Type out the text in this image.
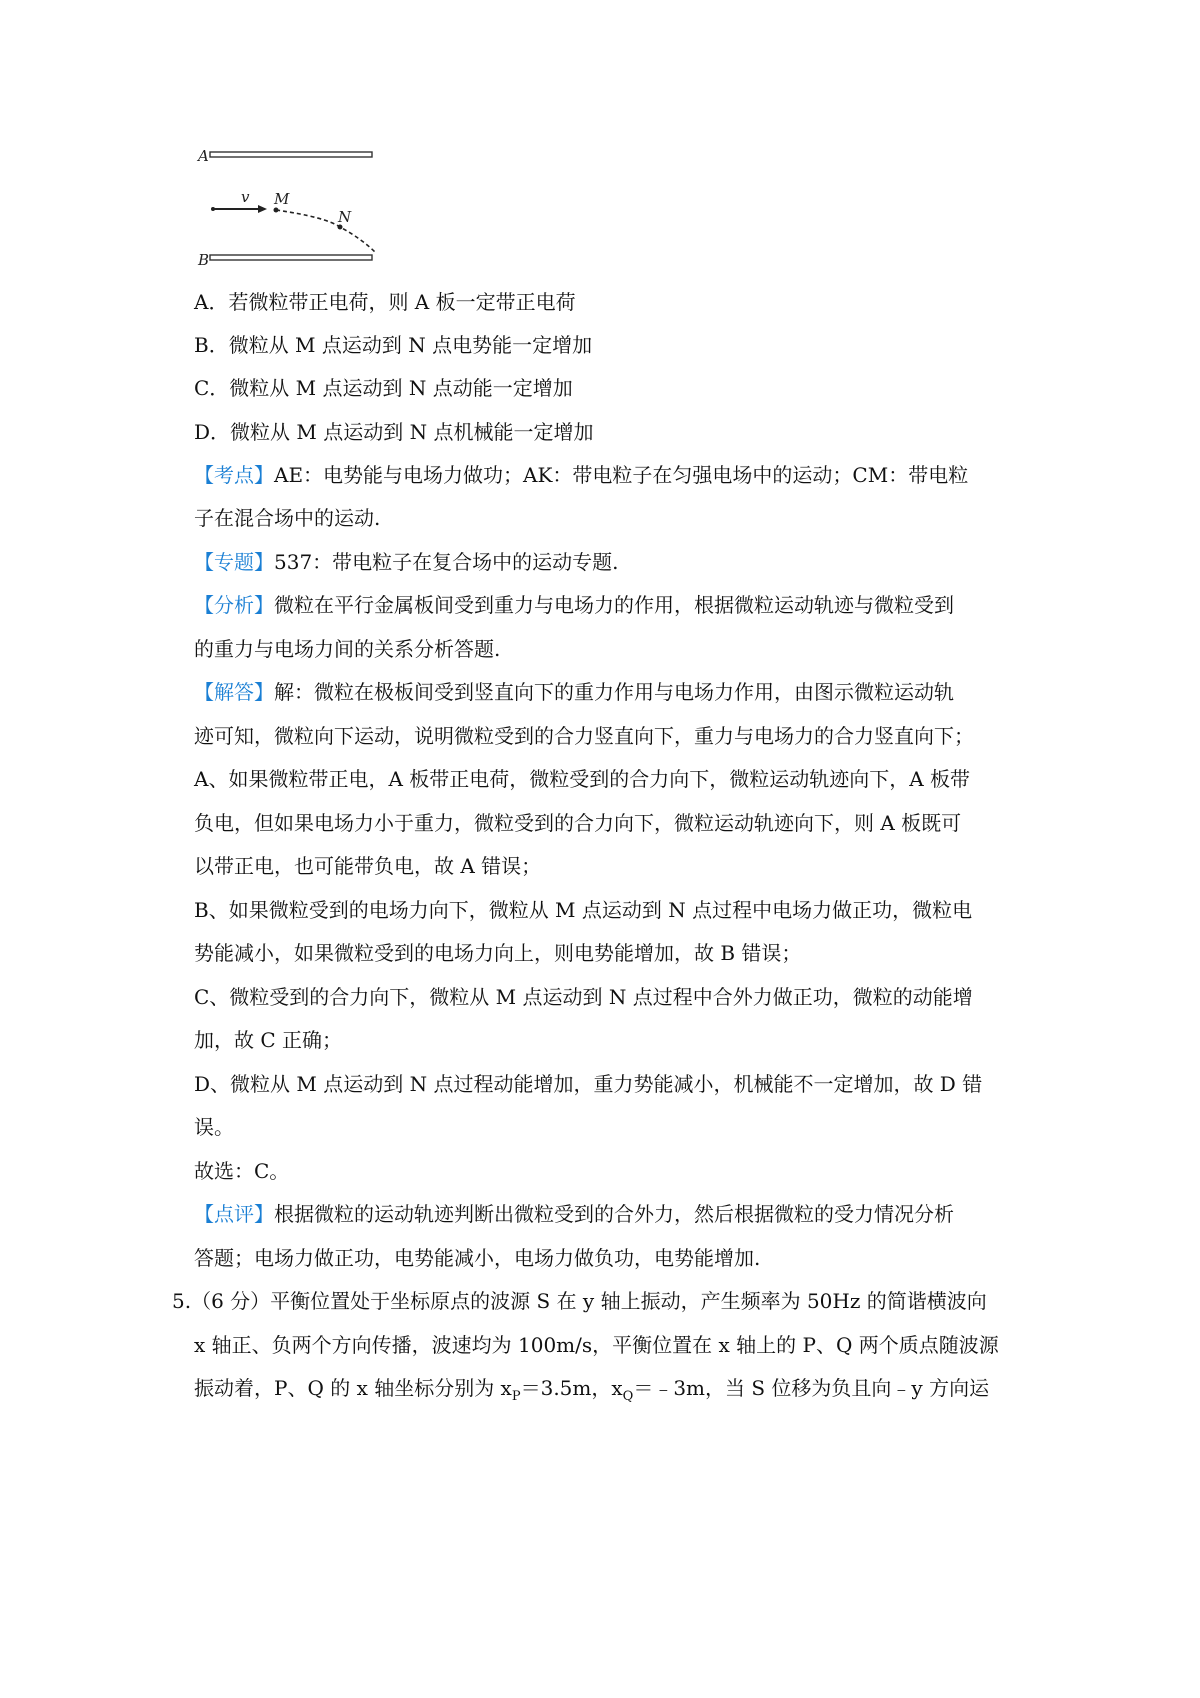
A
B
v M
N
A．若微粒带正电荷，则 A 板一定带正电荷
B．微粒从 M 点运动到 N 点电势能一定增加
C．微粒从 M 点运动到 N 点动能一定增加
D．微粒从 M 点运动到 N 点机械能一定增加
【考点】AE：电势能与电场力做功；AK：带电粒子在匀强电场中的运动；CM：带电粒
子在混合场中的运动.
【专题】537：带电粒子在复合场中的运动专题.
【分析】微粒在平行金属板间受到重力与电场力的作用，根据微粒运动轨迹与微粒受到
的重力与电场力间的关系分析答题.
【解答】解：微粒在极板间受到竖直向下的重力作用与电场力作用，由图示微粒运动轨
迹可知，微粒向下运动，说明微粒受到的合力竖直向下，重力与电场力的合力竖直向下；
A、如果微粒带正电，A 板带正电荷，微粒受到的合力向下，微粒运动轨迹向下，A 板带
负电，但如果电场力小于重力，微粒受到的合力向下，微粒运动轨迹向下，则 A 板既可
以带正电，也可能带负电，故 A 错误；
B、如果微粒受到的电场力向下，微粒从 M 点运动到 N 点过程中电场力做正功，微粒电
势能减小，如果微粒受到的电场力向上，则电势能增加，故 B 错误；
C、微粒受到的合力向下，微粒从 M 点运动到 N 点过程中合外力做正功，微粒的动能增
加，故 C 正确；
D、微粒从 M 点运动到 N 点过程动能增加，重力势能减小，机械能不一定增加，故 D 错
误。
故选：C。
【点评】根据微粒的运动轨迹判断出微粒受到的合外力，然后根据微粒的受力情况分析
答题；电场力做正功，电势能减小，电场力做负功，电势能增加.
5.（6 分）平衡位置处于坐标原点的波源 S 在 y 轴上振动，产生频率为 50Hz 的简谐横波向
x 轴正、负两个方向传播，波速均为 100m/s，平衡位置在 x 轴上的 P、Q 两个质点随波源
振动着，P、Q 的 x 轴坐标分别为 $x_P=3.5m$，$x_Q=﹣3m$，当 S 位移为负且向﹣y 方向运
